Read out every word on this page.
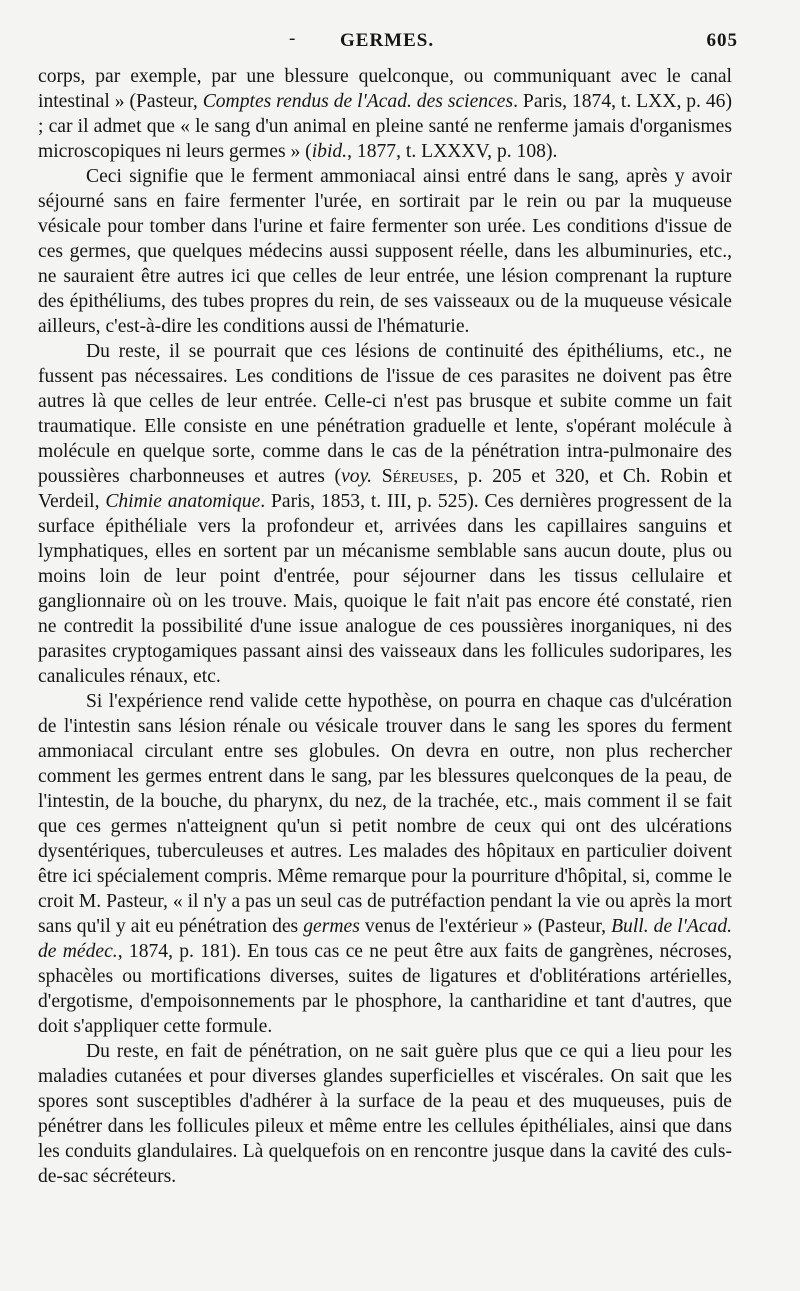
- GERMES.	605

corps, par exemple, par une blessure quelconque, ou communiquant avec le canal intestinal » (Pasteur, Comptes rendus de l'Acad. des sciences. Paris, 1874, t. LXX, p. 46) ; car il admet que « le sang d'un animal en pleine santé ne renferme jamais d'organismes microscopiques ni leurs germes » (ibid., 1877, t. LXXXV, p. 108).

Ceci signifie que le ferment ammoniacal ainsi entré dans le sang, après y avoir séjourné sans en faire fermenter l'urée, en sortirait par le rein ou par la muqueuse vésicale pour tomber dans l'urine et faire fermenter son urée. Les conditions d'issue de ces germes, que quelques médecins aussi supposent réelle, dans les albuminuries, etc., ne sauraient être autres ici que celles de leur entrée, une lésion comprenant la rupture des épithéliums, des tubes propres du rein, de ses vaisseaux ou de la muqueuse vésicale ailleurs, c'est-à-dire les conditions aussi de l'hématurie.

Du reste, il se pourrait que ces lésions de continuité des épithéliums, etc., ne fussent pas nécessaires. Les conditions de l'issue de ces parasites ne doivent pas être autres là que celles de leur entrée. Celle-ci n'est pas brusque et subite comme un fait traumatique. Elle consiste en une pénétration graduelle et lente, s'opérant molécule à molécule en quelque sorte, comme dans le cas de la pénétration intra-pulmonaire des poussières charbonneuses et autres (voy. Séreuses, p. 205 et 320, et Ch. Robin et Verdeil, Chimie anatomique. Paris, 1853, t. III, p. 525). Ces dernières progressent de la surface épithéliale vers la profondeur et, arrivées dans les capillaires sanguins et lymphatiques, elles en sortent par un mécanisme semblable sans aucun doute, plus ou moins loin de leur point d'entrée, pour séjourner dans les tissus cellulaire et ganglionnaire où on les trouve. Mais, quoique le fait n'ait pas encore été constaté, rien ne contredit la possibilité d'une issue analogue de ces poussières inorganiques, ni des parasites cryptogamiques passant ainsi des vaisseaux dans les follicules sudoripares, les canalicules rénaux, etc.

Si l'expérience rend valide cette hypothèse, on pourra en chaque cas d'ulcération de l'intestin sans lésion rénale ou vésicale trouver dans le sang les spores du ferment ammoniacal circulant entre ses globules. On devra en outre, non plus rechercher comment les germes entrent dans le sang, par les blessures quelconques de la peau, de l'intestin, de la bouche, du pharynx, du nez, de la trachée, etc., mais comment il se fait que ces germes n'atteignent qu'un si petit nombre de ceux qui ont des ulcérations dysentériques, tuberculeuses et autres. Les malades des hôpitaux en particulier doivent être ici spécialement compris. Même remarque pour la pourriture d'hôpital, si, comme le croit M. Pasteur, « il n'y a pas un seul cas de putréfaction pendant la vie ou après la mort sans qu'il y ait eu pénétration des germes venus de l'extérieur » (Pasteur, Bull. de l'Acad. de médec., 1874, p. 181). En tous cas ce ne peut être aux faits de gangrènes, nécroses, sphacèles ou mortifications diverses, suites de ligatures et d'oblitérations artérielles, d'ergotisme, d'empoisonnements par le phosphore, la cantharidine et tant d'autres, que doit s'appliquer cette formule.

Du reste, en fait de pénétration, on ne sait guère plus que ce qui a lieu pour les maladies cutanées et pour diverses glandes superficielles et viscérales. On sait que les spores sont susceptibles d'adhérer à la surface de la peau et des muqueuses, puis de pénétrer dans les follicules pileux et même entre les cellules épithéliales, ainsi que dans les conduits glandulaires. Là quelquefois on en rencontre jusque dans la cavité des culs-de-sac sécréteurs.
